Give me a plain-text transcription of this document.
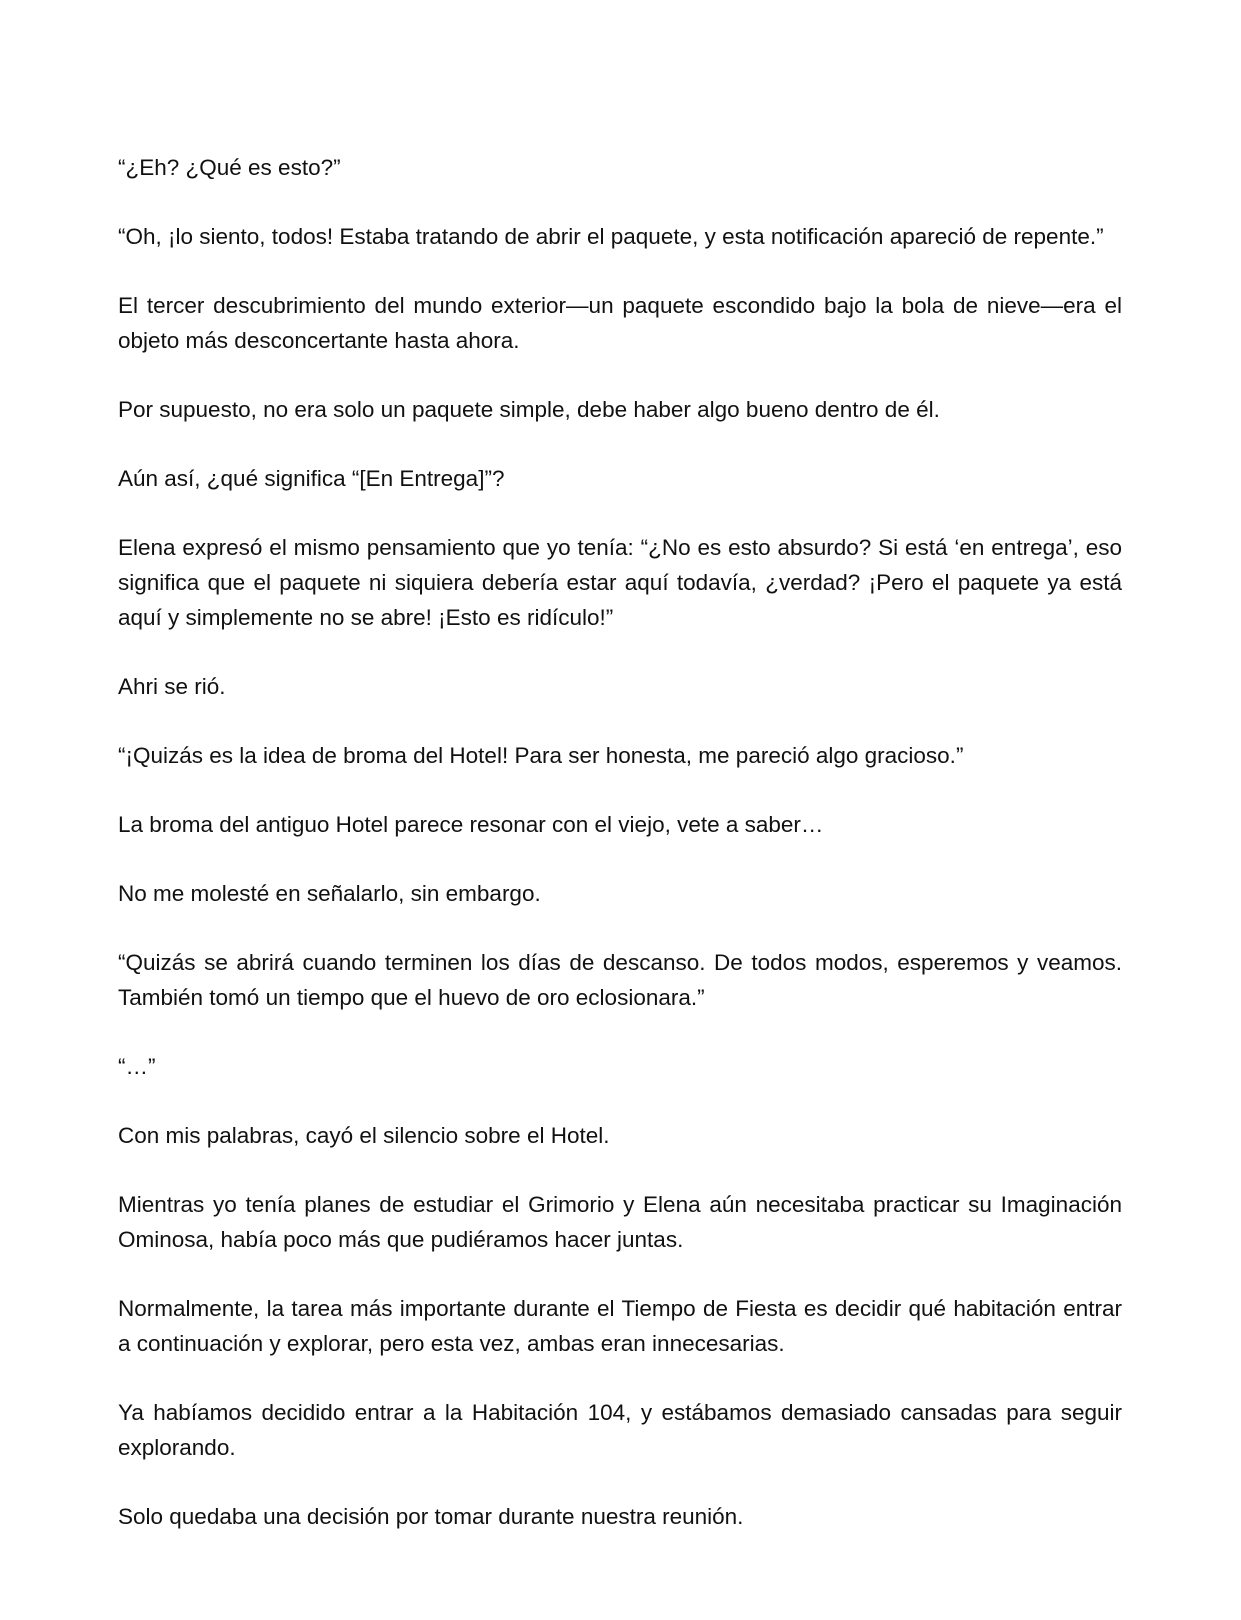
“¿Eh? ¿Qué es esto?”

“Oh, ¡lo siento, todos! Estaba tratando de abrir el paquete, y esta notificación apareció de repente.”

El tercer descubrimiento del mundo exterior—un paquete escondido bajo la bola de nieve—era el objeto más desconcertante hasta ahora.

Por supuesto, no era solo un paquete simple, debe haber algo bueno dentro de él.

Aún así, ¿qué significa “[En Entrega]”?

Elena expresó el mismo pensamiento que yo tenía: “¿No es esto absurdo? Si está ‘en entrega’, eso significa que el paquete ni siquiera debería estar aquí todavía, ¿verdad? ¡Pero el paquete ya está aquí y simplemente no se abre! ¡Esto es ridículo!”

Ahri se rió.

“¡Quizás es la idea de broma del Hotel! Para ser honesta, me pareció algo gracioso.”

La broma del antiguo Hotel parece resonar con el viejo, vete a saber…

No me molesté en señalarlo, sin embargo.

“Quizás se abrirá cuando terminen los días de descanso. De todos modos, esperemos y veamos. También tomó un tiempo que el huevo de oro eclosionara.”

“…”

Con mis palabras, cayó el silencio sobre el Hotel.

Mientras yo tenía planes de estudiar el Grimorio y Elena aún necesitaba practicar su Imaginación Ominosa, había poco más que pudiéramos hacer juntas.

Normalmente, la tarea más importante durante el Tiempo de Fiesta es decidir qué habitación entrar a continuación y explorar, pero esta vez, ambas eran innecesarias.

Ya habíamos decidido entrar a la Habitación 104, y estábamos demasiado cansadas para seguir explorando.

Solo quedaba una decisión por tomar durante nuestra reunión.
